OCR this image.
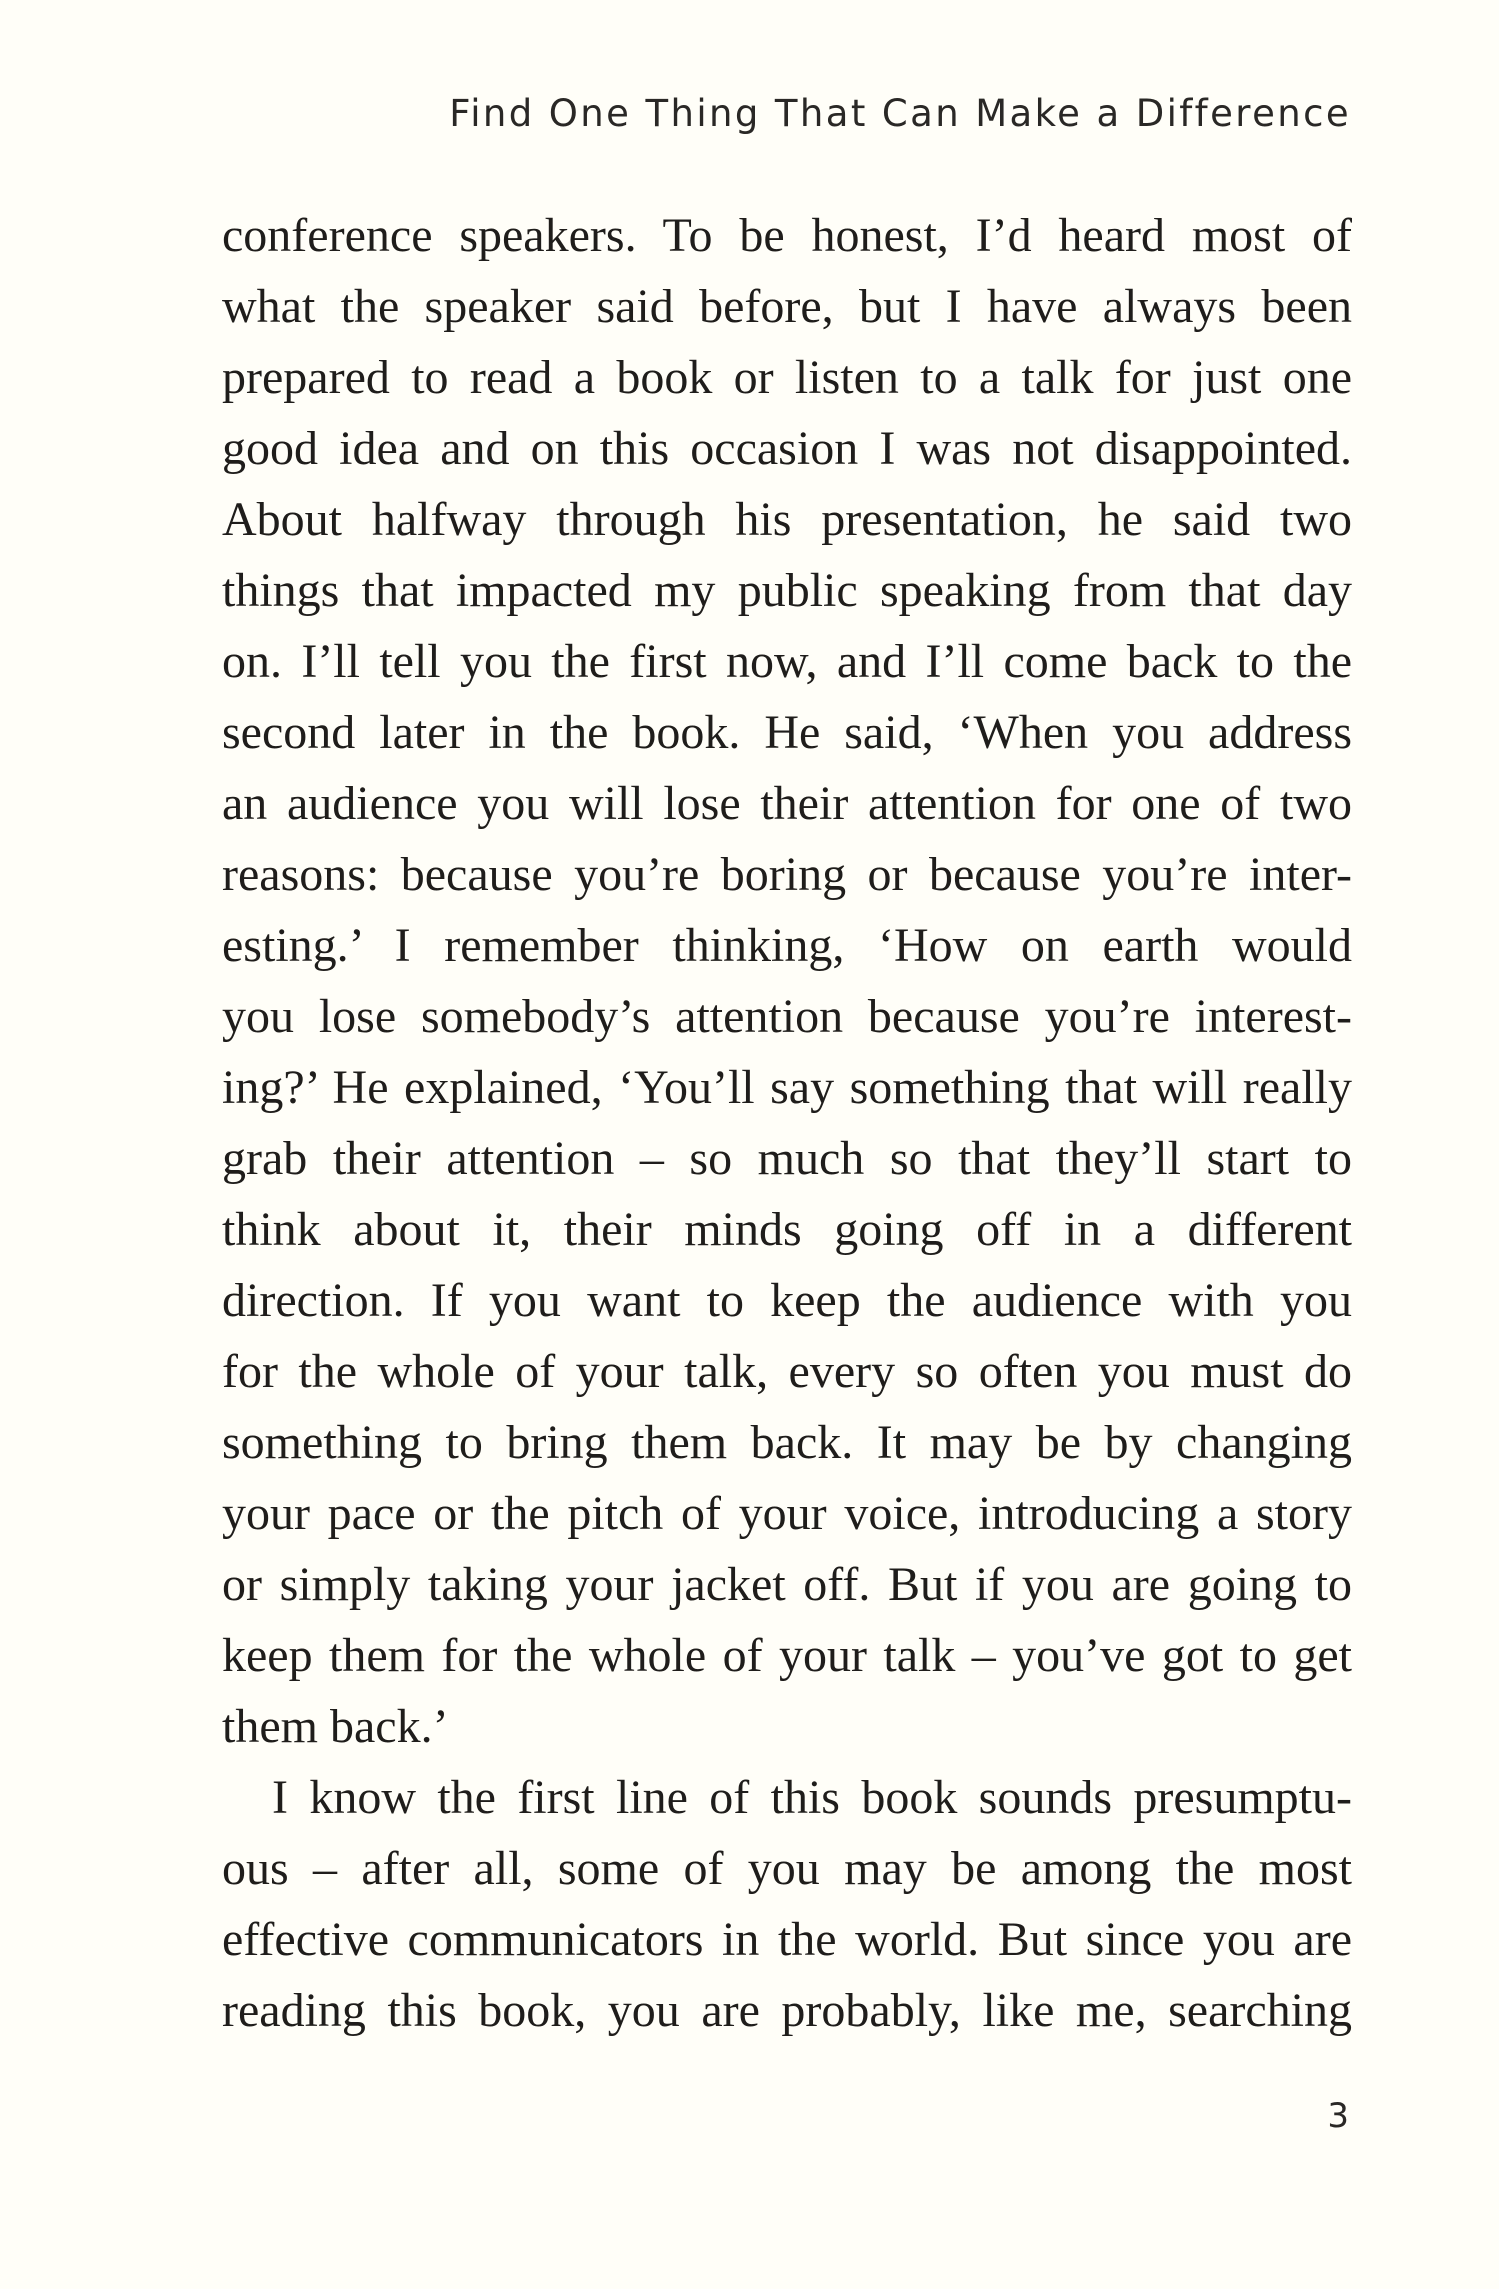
Find One Thing That Can Make a Difference

conference speakers. To be honest, I’d heard most of
what the speaker said before, but I have always been
prepared to read a book or listen to a talk for just one
good idea and on this occasion I was not disappointed.
About halfway through his presentation, he said two
things that impacted my public speaking from that day
on. I’ll tell you the first now, and I’ll come back to the
second later in the book. He said, ‘When you address
an audience you will lose their attention for one of two
reasons: because you’re boring or because you’re inter-
esting.’ I remember thinking, ‘How on earth would
you lose somebody’s attention because you’re interest-
ing?’ He explained, ‘You’ll say something that will really
grab their attention – so much so that they’ll start to
think about it, their minds going off in a different
direction. If you want to keep the audience with you
for the whole of your talk, every so often you must do
something to bring them back. It may be by changing
your pace or the pitch of your voice, introducing a story
or simply taking your jacket off. But if you are going to
keep them for the whole of your talk – you’ve got to get
them back.’

I know the first line of this book sounds presumptu-
ous – after all, some of you may be among the most
effective communicators in the world. But since you are
reading this book, you are probably, like me, searching

3
